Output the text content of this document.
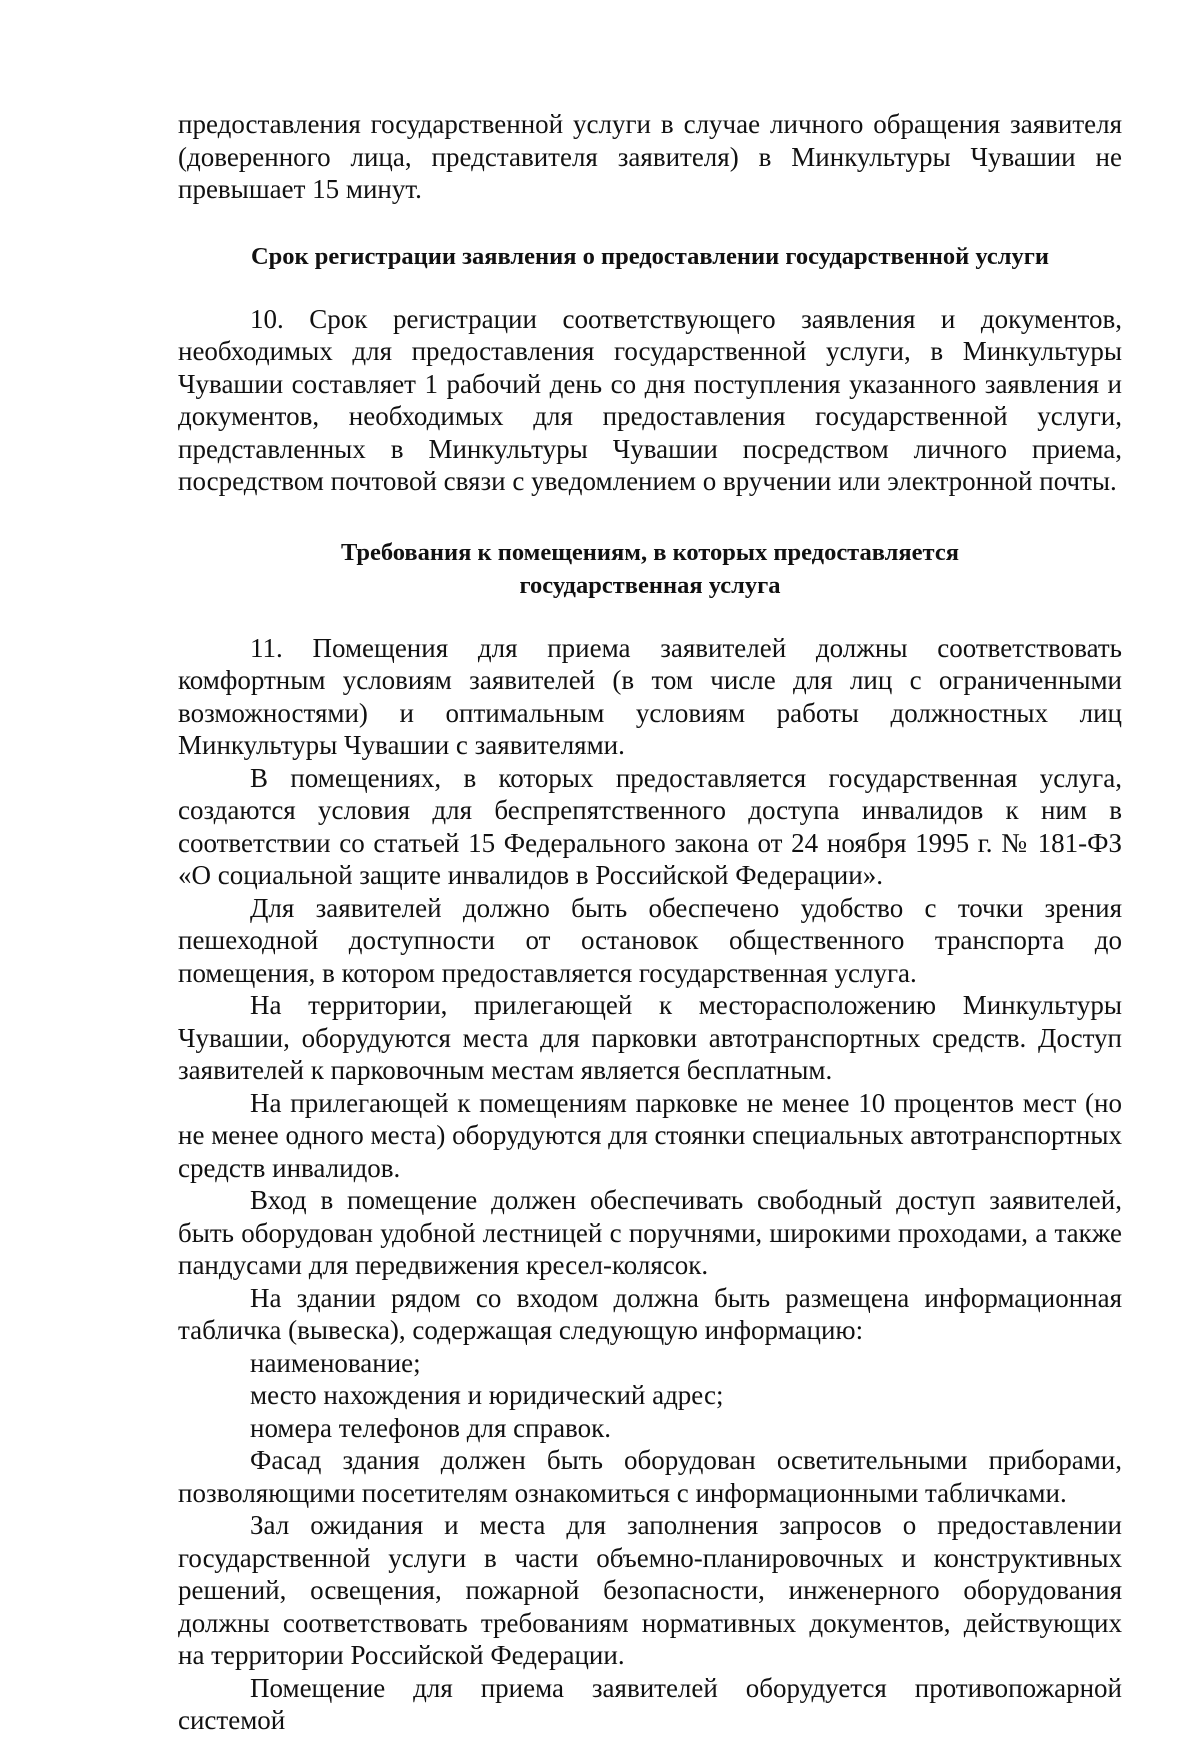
предоставления государственной услуги в случае личного обращения заявителя (доверенного лица, представителя заявителя) в Минкультуры Чувашии не превышает 15 минут.

Срок регистрации заявления о предоставлении государственной услуги

10. Срок регистрации соответствующего заявления и документов, необходимых для предоставления государственной услуги, в Минкультуры Чувашии составляет 1 рабочий день со дня поступления указанного заявления и документов, необходимых для предоставления государственной услуги, представленных в Минкультуры Чувашии посредством личного приема, посредством почтовой связи с уведомлением о вручении или электронной почты.

Требования к помещениям, в которых предоставляется

государственная услуга

11. Помещения для приема заявителей должны соответствовать комфортным условиям заявителей (в том числе для лиц с ограниченными возможностями) и оптимальным условиям работы должностных лиц Минкультуры Чувашии с заявителями.

В помещениях, в которых предоставляется государственная услуга, создаются условия для беспрепятственного доступа инвалидов к ним в соответствии со статьей 15 Федерального закона от 24 ноября 1995 г. № 181-ФЗ «О социальной защите инвалидов в Российской Федерации».

Для заявителей должно быть обеспечено удобство с точки зрения пешеходной доступности от остановок общественного транспорта до помещения, в котором предоставляется государственная услуга.

На территории, прилегающей к месторасположению Минкультуры Чувашии, оборудуются места для парковки автотранспортных средств. Доступ заявителей к парковочным местам является бесплатным.

На прилегающей к помещениям парковке не менее 10 процентов мест (но не менее одного места) оборудуются для стоянки специальных автотранспортных средств инвалидов.

Вход в помещение должен обеспечивать свободный доступ заявителей, быть оборудован удобной лестницей с поручнями, широкими проходами, а также пандусами для передвижения кресел-колясок.

На здании рядом со входом должна быть размещена информационная табличка (вывеска), содержащая следующую информацию:

наименование;

место нахождения и юридический адрес;

номера телефонов для справок.

Фасад здания должен быть оборудован осветительными приборами, позволяющими посетителям ознакомиться с информационными табличками.

Зал ожидания и места для заполнения запросов о предоставлении государственной услуги в части объемно-планировочных и конструктивных решений, освещения, пожарной безопасности, инженерного оборудования должны соответствовать требованиям нормативных документов, действующих на территории Российской Федерации.

Помещение для приема заявителей оборудуется противопожарной системой
